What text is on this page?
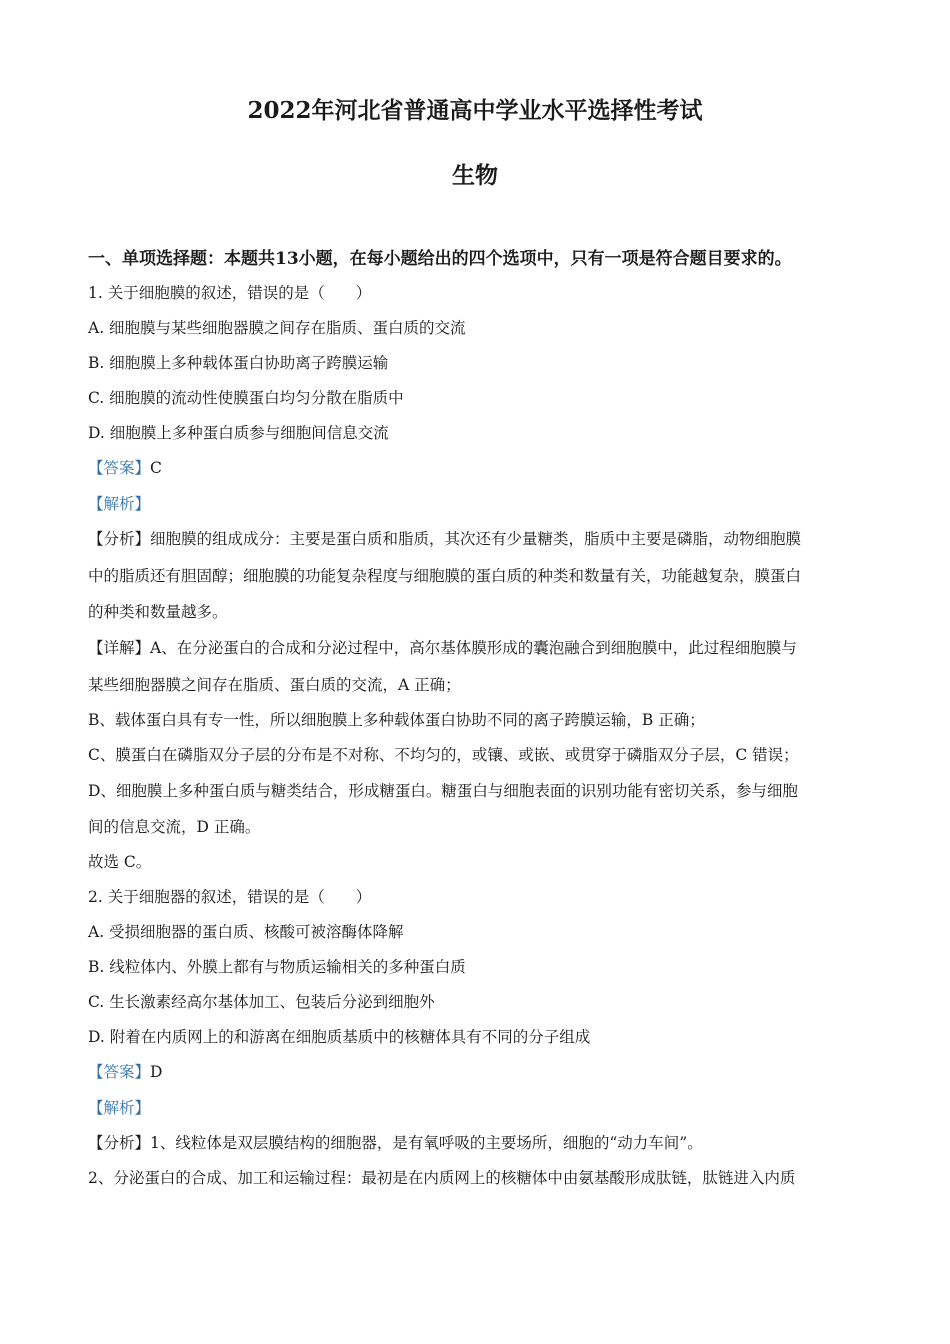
2022年河北省普通高中学业水平选择性考试
生物
一、单项选择题：本题共13小题，在每小题给出的四个选项中，只有一项是符合题目要求的。
1. 关于细胞膜的叙述，错误的是（　　）
A. 细胞膜与某些细胞器膜之间存在脂质、蛋白质的交流
B. 细胞膜上多种载体蛋白协助离子跨膜运输
C. 细胞膜的流动性使膜蛋白均匀分散在脂质中
D. 细胞膜上多种蛋白质参与细胞间信息交流
【答案】C
【解析】
【分析】细胞膜的组成成分：主要是蛋白质和脂质，其次还有少量糖类，脂质中主要是磷脂，动物细胞膜
中的脂质还有胆固醇；细胞膜的功能复杂程度与细胞膜的蛋白质的种类和数量有关，功能越复杂，膜蛋白
的种类和数量越多。
【详解】A、在分泌蛋白的合成和分泌过程中，高尔基体膜形成的囊泡融合到细胞膜中，此过程细胞膜与
某些细胞器膜之间存在脂质、蛋白质的交流，A 正确；
B、载体蛋白具有专一性，所以细胞膜上多种载体蛋白协助不同的离子跨膜运输，B 正确；
C、膜蛋白在磷脂双分子层的分布是不对称、不均匀的，或镶、或嵌、或贯穿于磷脂双分子层，C 错误；
D、细胞膜上多种蛋白质与糖类结合，形成糖蛋白。糖蛋白与细胞表面的识别功能有密切关系，参与细胞
间的信息交流，D 正确。
故选 C。
2. 关于细胞器的叙述，错误的是（　　）
A. 受损细胞器的蛋白质、核酸可被溶酶体降解
B. 线粒体内、外膜上都有与物质运输相关的多种蛋白质
C. 生长激素经高尔基体加工、包装后分泌到细胞外
D. 附着在内质网上的和游离在细胞质基质中的核糖体具有不同的分子组成
【答案】D
【解析】
【分析】1、线粒体是双层膜结构的细胞器，是有氧呼吸的主要场所，细胞的“动力车间”。
2、分泌蛋白的合成、加工和运输过程：最初是在内质网上的核糖体中由氨基酸形成肽链，肽链进入内质
